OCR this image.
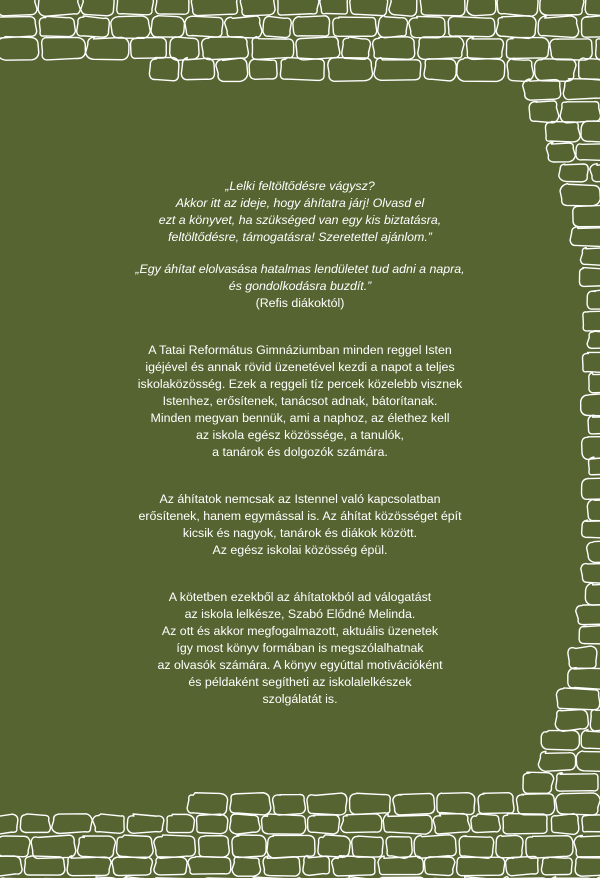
„Lelki feltöltődésre vágysz?

Akkor itt az ideje, hogy áhítatra járj! Olvasd el

ezt a könyvet, ha szükséged van egy kis biztatásra,

feltöltődésre, támogatásra! Szeretettel ajánlom.”

„Egy áhítat elolvasása hatalmas lendületet tud adni a napra,

és gondolkodásra buzdít.”

(Refis diákoktól)

A Tatai Református Gimnáziumban minden reggel Isten

igéjével és annak rövid üzenetével kezdi a napot a teljes

iskolaközösség. Ezek a reggeli tíz percek közelebb visznek

Istenhez, erősítenek, tanácsot adnak, bátorítanak.

Minden megvan bennük, ami a naphoz, az élethez kell

az iskola egész közössége, a tanulók,

a tanárok és dolgozók számára.

Az áhítatok nemcsak az Istennel való kapcsolatban

erősítenek, hanem egymással is. Az áhítat közösséget épít

kicsik és nagyok, tanárok és diákok között.

Az egész iskolai közösség épül.

A kötetben ezekből az áhítatokból ad válogatást

az iskola lelkésze, Szabó Elődné Melinda.

Az ott és akkor megfogalmazott, aktuális üzenetek

így most könyv formában is megszólalhatnak

az olvasók számára. A könyv egyúttal motivációként

és példaként segítheti az iskolalelkészek

szolgálatát is.
